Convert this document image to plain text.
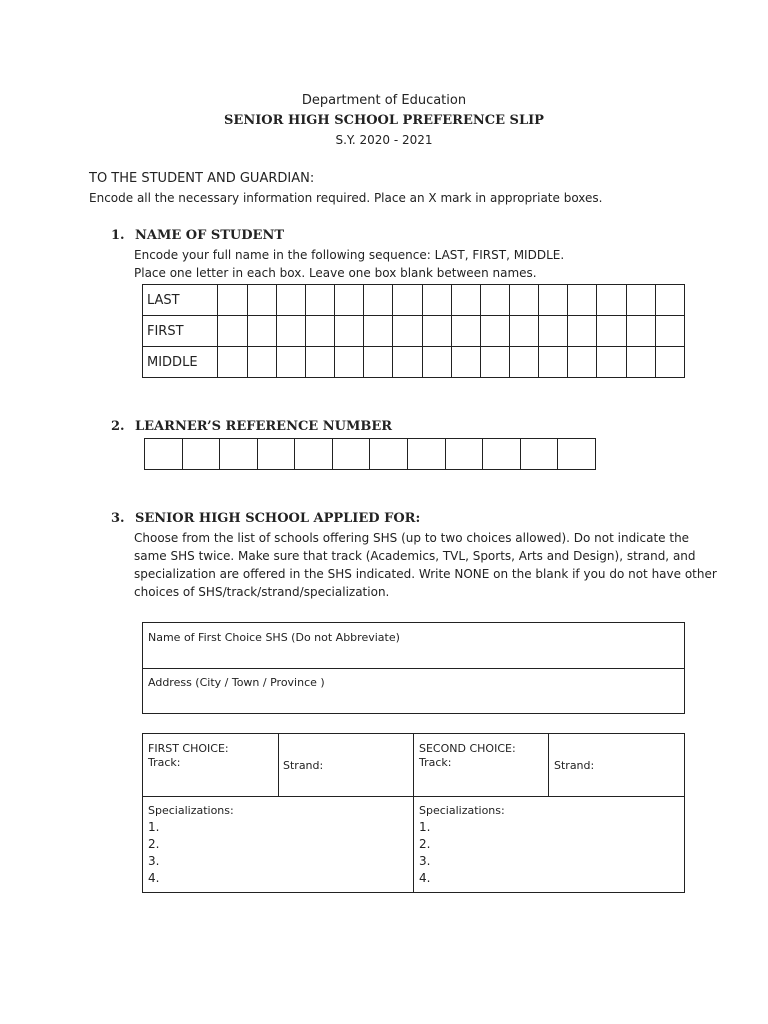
Department of Education
SENIOR HIGH SCHOOL PREFERENCE SLIP
S.Y. 2020 - 2021
TO THE STUDENT AND GUARDIAN:
Encode all the necessary information required. Place an X mark in appropriate boxes.
1. NAME OF STUDENT
Encode your full name in the following sequence: LAST, FIRST, MIDDLE.
Place one letter in each box. Leave one box blank between names.
LAST																
FIRST																
MIDDLE																
2. LEARNER’S REFERENCE NUMBER

3. SENIOR HIGH SCHOOL APPLIED FOR:
Choose from the list of schools offering SHS (up to two choices allowed). Do not indicate the
same SHS twice. Make sure that track (Academics, TVL, Sports, Arts and Design), strand, and
specialization are offered in the SHS indicated. Write NONE on the blank if you do not have other
choices of SHS/track/strand/specialization.
Name of First Choice SHS (Do not Abbreviate)
Address (City / Town / Province )
FIRST CHOICE:
Track:	Strand:
SECOND CHOICE:
Track:	Strand:
Specializations:
1.
2.
3.
4.
Specializations:
1.
2.
3.
4.
